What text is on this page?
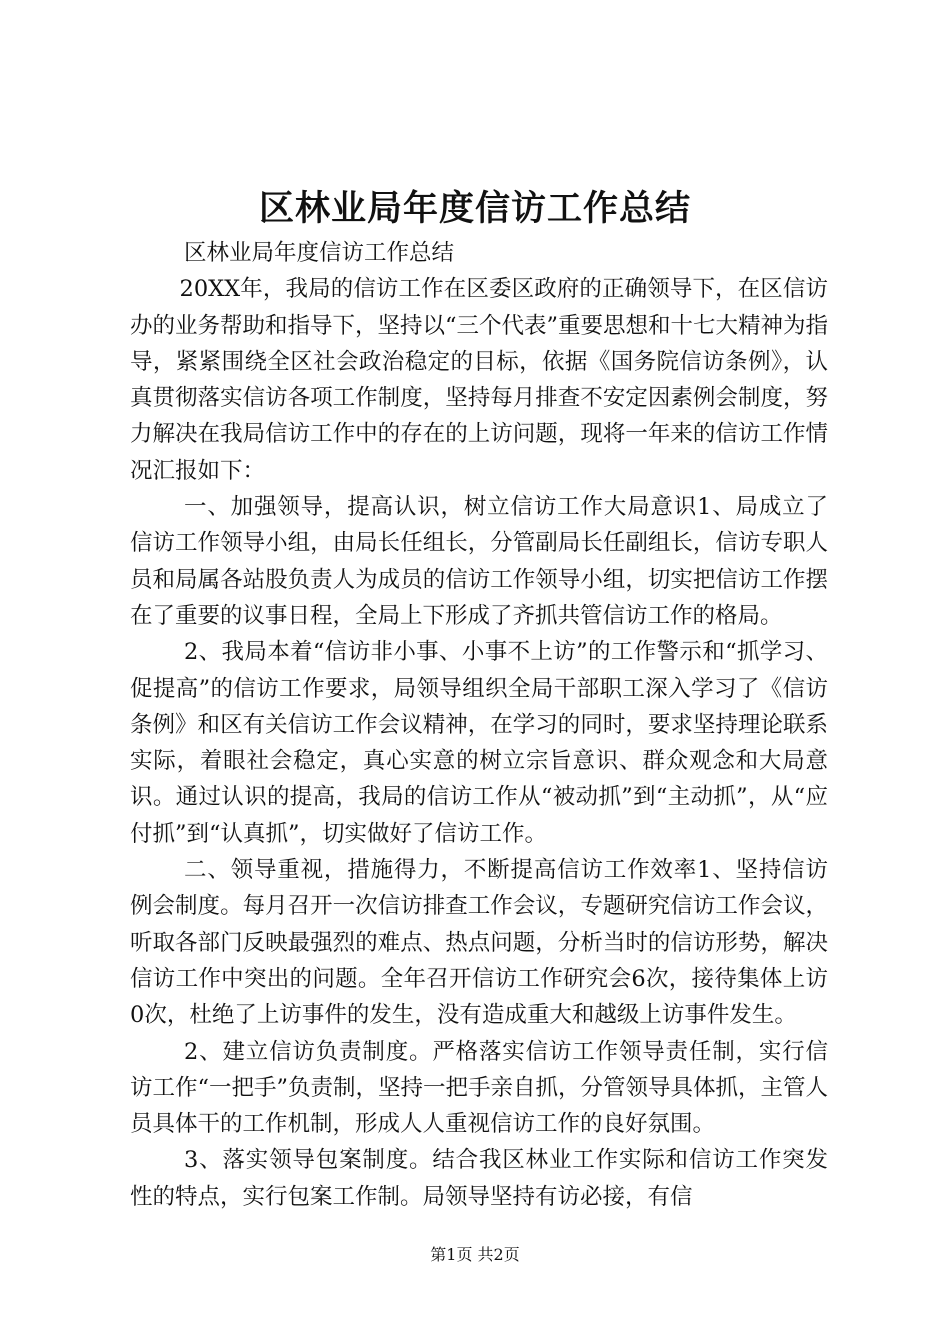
区林业局年度信访工作总结

区林业局年度信访工作总结

20XX年，我局的信访工作在区委区政府的正确领导下，在区信访办的业务帮助和指导下，坚持以“三个代表”重要思想和十七大精神为指导，紧紧围绕全区社会政治稳定的目标，依据《国务院信访条例》，认真贯彻落实信访各项工作制度，坚持每月排查不安定因素例会制度，努力解决在我局信访工作中的存在的上访问题，现将一年来的信访工作情况汇报如下：

一、加强领导，提高认识，树立信访工作大局意识1、局成立了信访工作领导小组，由局长任组长，分管副局长任副组长，信访专职人员和局属各站股负责人为成员的信访工作领导小组，切实把信访工作摆在了重要的议事日程，全局上下形成了齐抓共管信访工作的格局。

2、我局本着“信访非小事、小事不上访”的工作警示和“抓学习、促提高”的信访工作要求，局领导组织全局干部职工深入学习了《信访条例》和区有关信访工作会议精神，在学习的同时，要求坚持理论联系实际，着眼社会稳定，真心实意的树立宗旨意识、群众观念和大局意识。通过认识的提高，我局的信访工作从“被动抓”到“主动抓”，从“应付抓”到“认真抓”，切实做好了信访工作。

二、领导重视，措施得力，不断提高信访工作效率1、坚持信访例会制度。每月召开一次信访排查工作会议，专题研究信访工作会议，听取各部门反映最强烈的难点、热点问题，分析当时的信访形势，解决信访工作中突出的问题。全年召开信访工作研究会6次，接待集体上访0次，杜绝了上访事件的发生，没有造成重大和越级上访事件发生。

2、建立信访负责制度。严格落实信访工作领导责任制，实行信访工作“一把手”负责制，坚持一把手亲自抓，分管领导具体抓，主管人员具体干的工作机制，形成人人重视信访工作的良好氛围。

3、落实领导包案制度。结合我区林业工作实际和信访工作突发性的特点，实行包案工作制。局领导坚持有访必接，有信

第1页 共2页
